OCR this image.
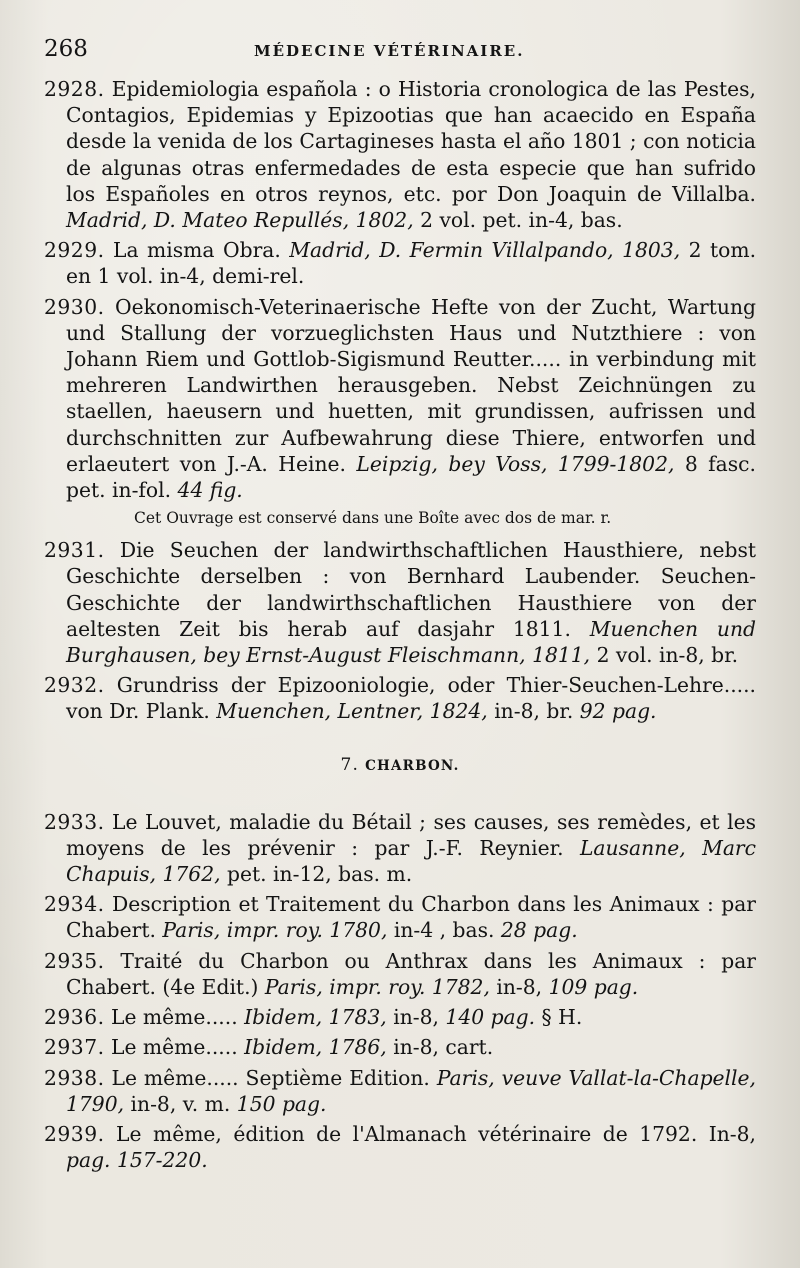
268	MÉDECINE VÉTÉRINAIRE.

2928. Epidemiologia española : o Historia cronologica de las Pestes, Contagios, Epidemias y Epizootias que han acaecido en España desde la venida de los Cartagineses hasta el año 1801 ; con noticia de algunas otras enfermedades de esta especie que han sufrido los Españoles en otros reynos, etc. por Don Joaquin de Villalba. Madrid, D. Mateo Repullés, 1802, 2 vol. pet. in-4, bas.

2929. La misma Obra. Madrid, D. Fermin Villalpando, 1803, 2 tom. en 1 vol. in-4, demi-rel.

2930. Oekonomisch-Veterinaerische Hefte von der Zucht, Wartung und Stallung der vorzueglichsten Haus und Nutzthiere : von Johann Riem und Gottlob-Sigismund Reutter..... in verbindung mit mehreren Landwirthen herausgeben. Nebst Zeichnüngen zu staellen, haeusern und huetten, mit grundissen, aufrissen und durchschnitten zur Aufbewahrung diese Thiere, entworfen und erlaeutert von J.-A. Heine. Leipzig, bey Voss, 1799-1802, 8 fasc. pet. in-fol. 44 fig.

Cet Ouvrage est conservé dans une Boîte avec dos de mar. r.

2931. Die Seuchen der landwirthschaftlichen Hausthiere, nebst Geschichte derselben : von Bernhard Laubender. Seuchen-Geschichte der landwirthschaftlichen Hausthiere von der aeltesten Zeit bis herab auf dasjahr 1811. Muenchen und Burghausen, bey Ernst-August Fleischmann, 1811, 2 vol. in-8, br.

2932. Grundriss der Epizooniologie, oder Thier-Seuchen-Lehre..... von Dr. Plank. Muenchen, Lentner, 1824, in-8, br. 92 pag.

7. CHARBON.

2933. Le Louvet, maladie du Bétail ; ses causes, ses remèdes, et les moyens de les prévenir : par J.-F. Reynier. Lausanne, Marc Chapuis, 1762, pet. in-12, bas. m.

2934. Description et Traitement du Charbon dans les Animaux : par Chabert. Paris, impr. roy. 1780, in-4 , bas. 28 pag.

2935. Traité du Charbon ou Anthrax dans les Animaux : par Chabert. (4e Edit.) Paris, impr. roy. 1782, in-8, 109 pag.

2936. Le même..... Ibidem, 1783, in-8, 140 pag. § H.

2937. Le même..... Ibidem, 1786, in-8, cart.

2938. Le même..... Septième Edition. Paris, veuve Vallat-la-Chapelle, 1790, in-8, v. m. 150 pag.

2939. Le même, édition de l'Almanach vétérinaire de 1792. In-8, pag. 157-220.
